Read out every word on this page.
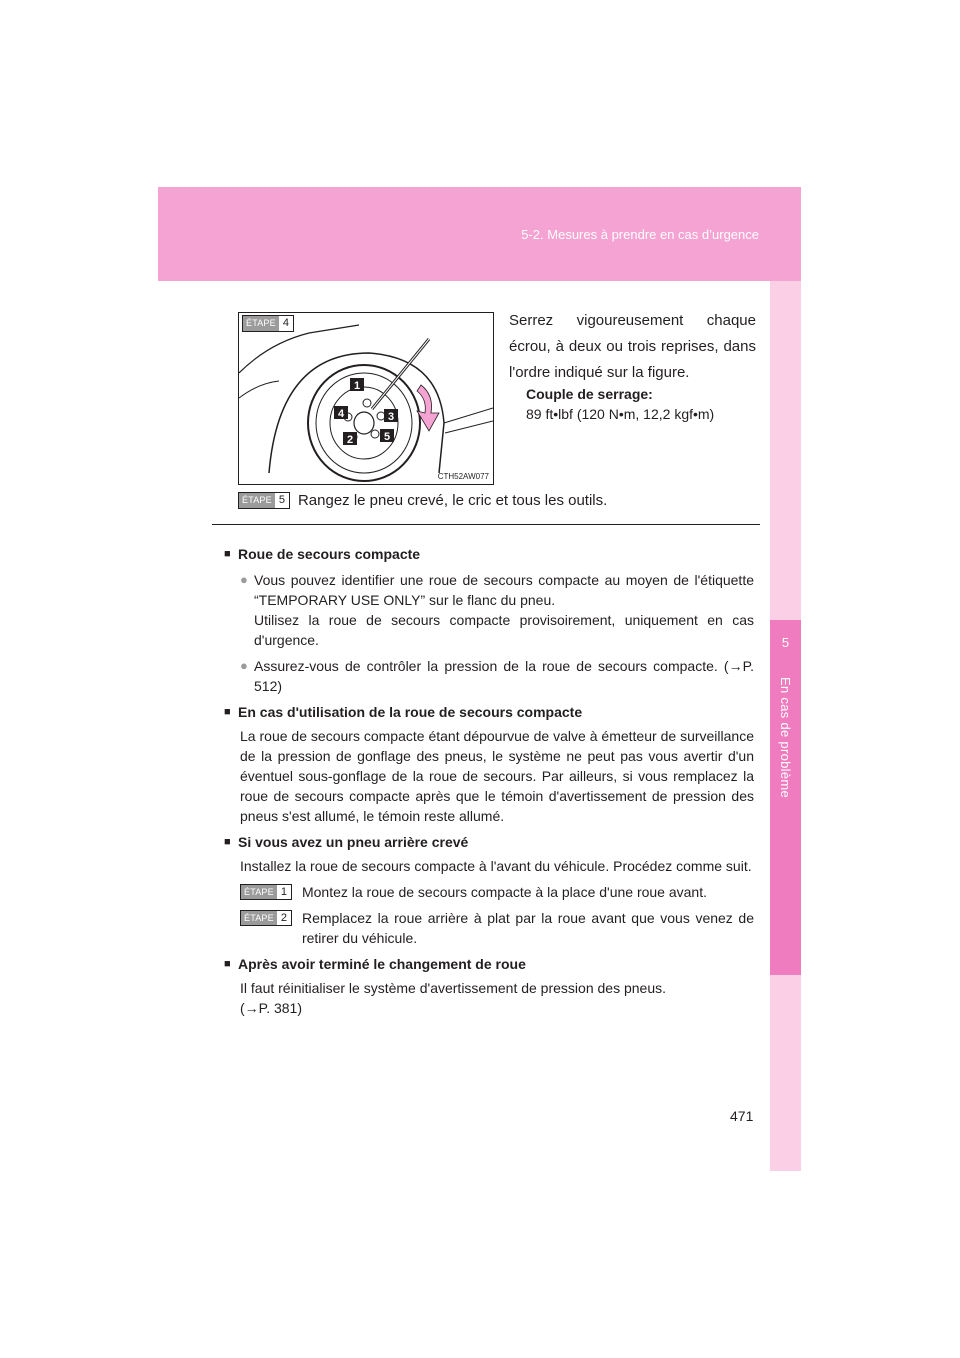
5-2. Mesures à prendre en cas d’urgence
5
En cas de problème
1
2
3
4
5
ÉTAPE 4
CTH52AW077
Serrez vigoureusement chaque écrou, à deux ou trois reprises, dans l'ordre indiqué sur la figure.
Couple de serrage:
89 ft•lbf (120 N•m, 12,2 kgf•m)
ÉTAPE 5 Rangez le pneu crevé, le cric et tous les outils.
■ Roue de secours compacte
● Vous pouvez identifier une roue de secours compacte au moyen de l'étiquette “TEMPORARY USE ONLY” sur le flanc du pneu.
Utilisez la roue de secours compacte provisoirement, uniquement en cas d'urgence.
● Assurez-vous de contrôler la pression de la roue de secours compacte. (→P. 512)
■ En cas d'utilisation de la roue de secours compacte
La roue de secours compacte étant dépourvue de valve à émetteur de surveillance de la pression de gonflage des pneus, le système ne peut pas vous avertir d'un éventuel sous-gonflage de la roue de secours. Par ailleurs, si vous remplacez la roue de secours compacte après que le témoin d'avertissement de pression des pneus s'est allumé, le témoin reste allumé.
■ Si vous avez un pneu arrière crevé
Installez la roue de secours compacte à l'avant du véhicule. Procédez comme suit.
ÉTAPE 1 Montez la roue de secours compacte à la place d'une roue avant.
ÉTAPE 2 Remplacez la roue arrière à plat par la roue avant que vous venez de retirer du véhicule.
■ Après avoir terminé le changement de roue
Il faut réinitialiser le système d'avertissement de pression des pneus.
(→P. 381)
471
